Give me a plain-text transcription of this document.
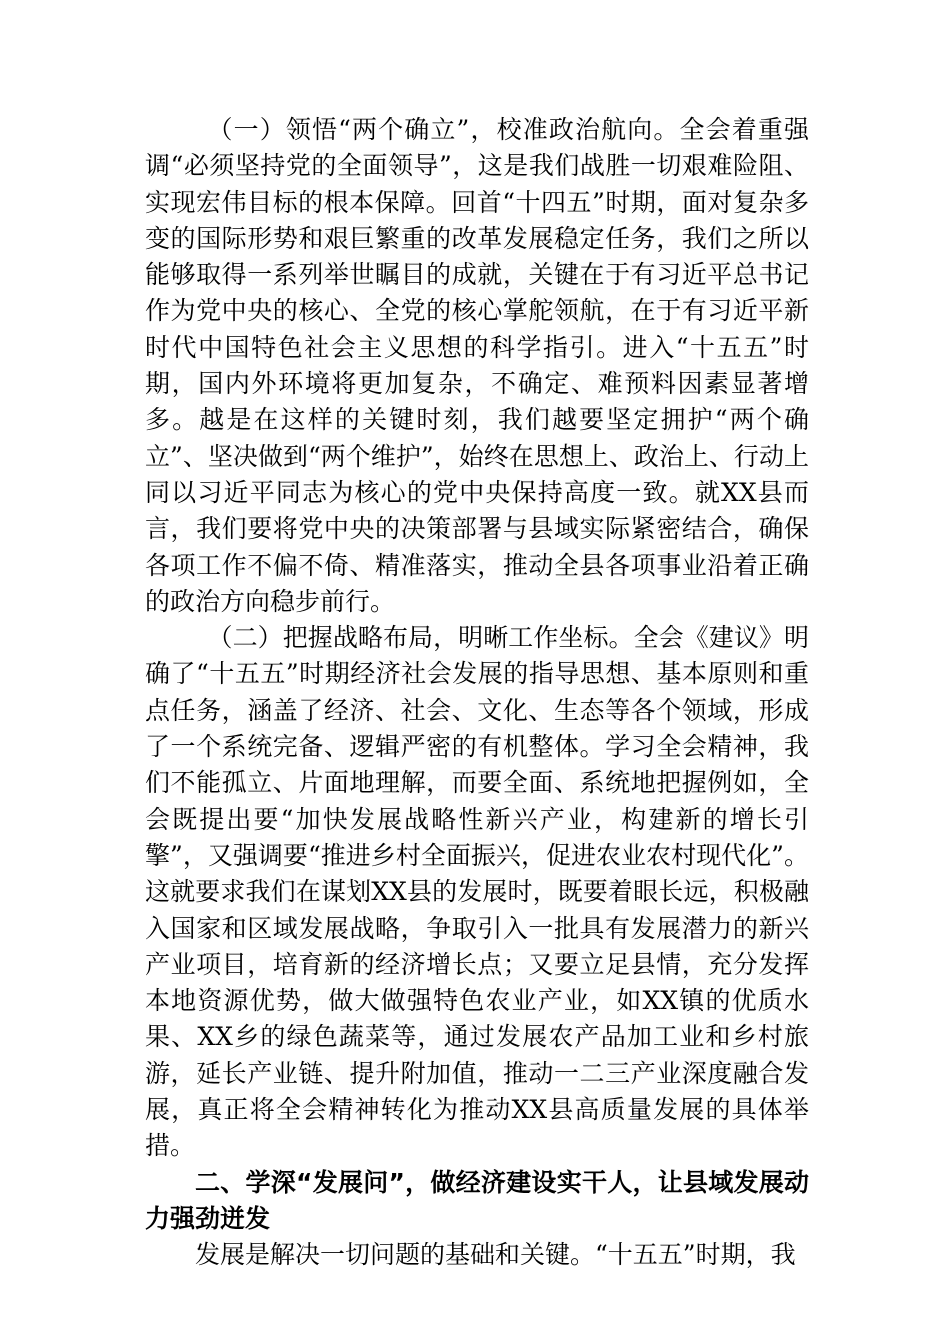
（一）领悟“两个确立”，校准政治航向。全会着重强调“必须坚持党的全面领导”，这是我们战胜一切艰难险阻、实现宏伟目标的根本保障。回首“十四五”时期，面对复杂多变的国际形势和艰巨繁重的改革发展稳定任务，我们之所以能够取得一系列举世瞩目的成就，关键在于有习近平总书记作为党中央的核心、全党的核心掌舵领航，在于有习近平新时代中国特色社会主义思想的科学指引。进入“十五五”时期，国内外环境将更加复杂，不确定、难预料因素显著增多。越是在这样的关键时刻，我们越要坚定拥护“两个确立”、坚决做到“两个维护”，始终在思想上、政治上、行动上同以习近平同志为核心的党中央保持高度一致。就XX县而言，我们要将党中央的决策部署与县域实际紧密结合，确保各项工作不偏不倚、精准落实，推动全县各项事业沿着正确的政治方向稳步前行。

（二）把握战略布局，明晰工作坐标。全会《建议》明确了“十五五”时期经济社会发展的指导思想、基本原则和重点任务，涵盖了经济、社会、文化、生态等各个领域，形成了一个系统完备、逻辑严密的有机整体。学习全会精神，我们不能孤立、片面地理解，而要全面、系统地把握例如，全会既提出要“加快发展战略性新兴产业，构建新的增长引擎”，又强调要“推进乡村全面振兴，促进农业农村现代化”。这就要求我们在谋划XX县的发展时，既要着眼长远，积极融入国家和区域发展战略，争取引入一批具有发展潜力的新兴产业项目，培育新的经济增长点；又要立足县情，充分发挥本地资源优势，做大做强特色农业产业，如XX镇的优质水果、XX乡的绿色蔬菜等，通过发展农产品加工业和乡村旅游，延长产业链、提升附加值，推动一二三产业深度融合发展，真正将全会精神转化为推动XX县高质量发展的具体举措。

二、学深“发展问”，做经济建设实干人，让县域发展动力强劲迸发

发展是解决一切问题的基础和关键。“十五五”时期，我
